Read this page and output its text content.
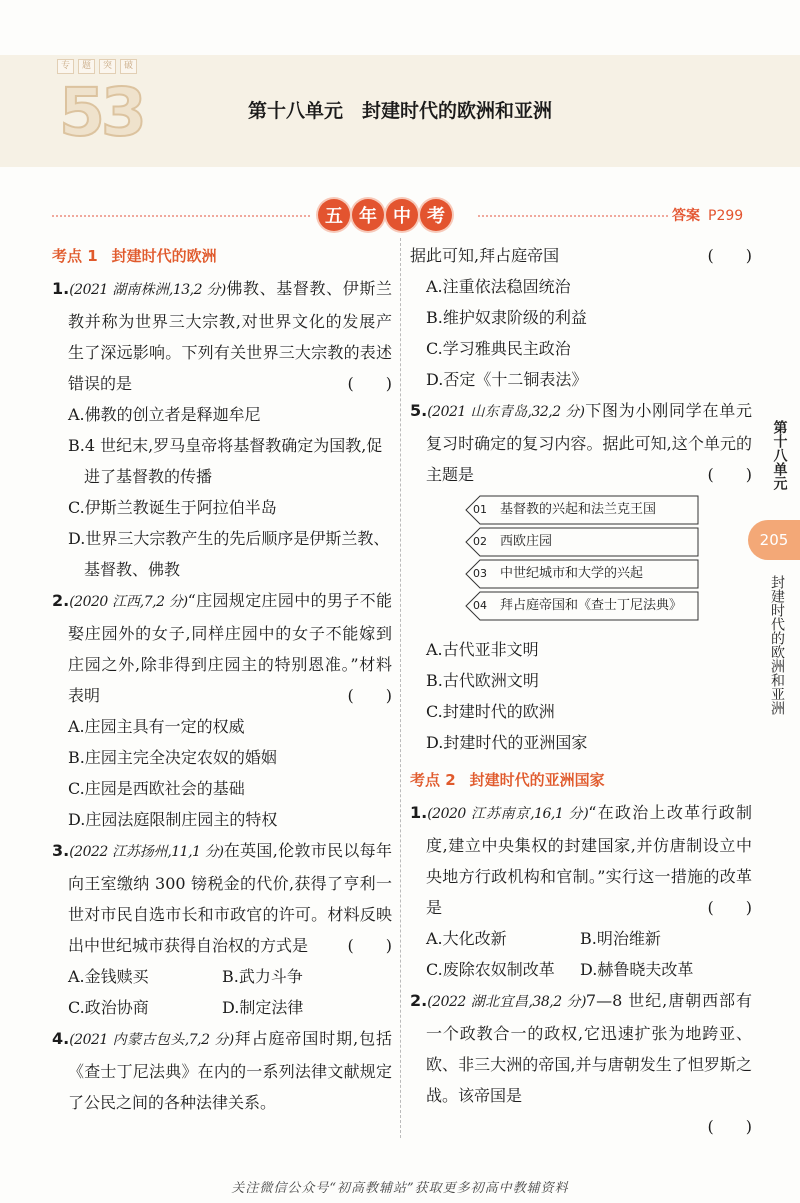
专	题	突	破
53	第十八单元　封建时代的欧洲和亚洲
五 年 中 考	答案 P299

考点 1 封建时代的欧洲

1.(2021 湖南株洲,13,2 分)佛教、基督教、伊斯兰教并称为世界三大宗教,对世界文化的发展产生了深远影响。下列有关世界三大宗教的表述错误的是	(　　)
A.佛教的创立者是释迦牟尼
B.4 世纪末,罗马皇帝将基督教确定为国教,促进了基督教的传播
C.伊斯兰教诞生于阿拉伯半岛
D.世界三大宗教产生的先后顺序是伊斯兰教、基督教、佛教
2.(2020 江西,7,2 分)“庄园规定庄园中的男子不能娶庄园外的女子,同样庄园中的女子不能嫁到庄园之外,除非得到庄园主的特别恩准。”材料表明	(　　)
A.庄园主具有一定的权威
B.庄园主完全决定农奴的婚姻
C.庄园是西欧社会的基础
D.庄园法庭限制庄园主的特权
3.(2022 江苏扬州,11,1 分)在英国,伦敦市民以每年向王室缴纳 300 镑税金的代价,获得了亨利一世对市民自选市长和市政官的许可。材料反映出中世纪城市获得自治权的方式是	(　　)
A.金钱赎买	B.武力斗争
C.政治协商	D.制定法律
4.(2021 内蒙古包头,7,2 分)拜占庭帝国时期,包括《查士丁尼法典》在内的一系列法律文献规定了公民之间的各种法律关系。
据此可知,拜占庭帝国	(　　)
A.注重依法稳固统治
B.维护奴隶阶级的利益
C.学习雅典民主政治
D.否定《十二铜表法》
5.(2021 山东青岛,32,2 分)下图为小刚同学在单元复习时确定的复习内容。据此可知,这个单元的主题是	(　　)
01	基督教的兴起和法兰克王国
02	西欧庄园
03	中世纪城市和大学的兴起
04	拜占庭帝国和《查士丁尼法典》
A.古代亚非文明
B.古代欧洲文明
C.封建时代的欧洲
D.封建时代的亚洲国家

考点 2 封建时代的亚洲国家

1.(2020 江苏南京,16,1 分)“在政治上改革行政制度,建立中央集权的封建国家,并仿唐制设立中央地方行政机构和官制。”实行这一措施的改革是	(　　)
A.大化改新	B.明治维新
C.废除农奴制改革	D.赫鲁晓夫改革
2.(2022 湖北宜昌,38,2 分)7—8 世纪,唐朝西部有一个政教合一的政权,它迅速扩张为地跨亚、欧、非三大洲的帝国,并与唐朝发生了怛罗斯之战。该帝国是
(　　)
第十八单元
205
封建时代的欧洲和亚洲
关注微信公众号“初高教辅站”获取更多初高中教辅资料
